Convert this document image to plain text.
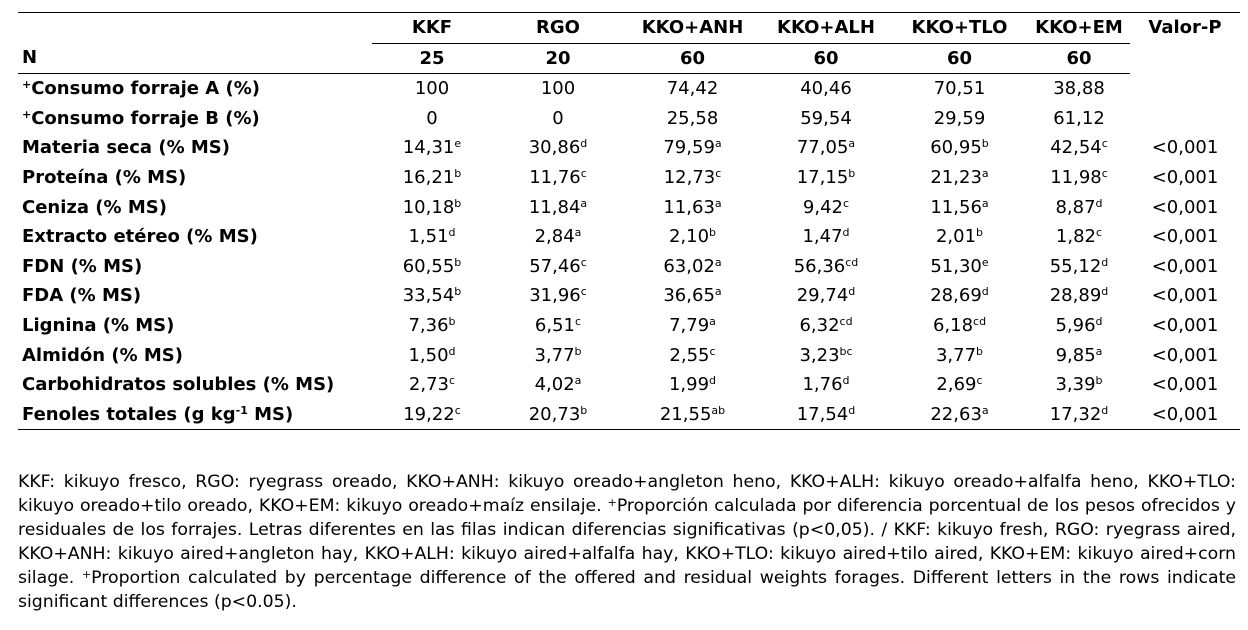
	KKF	RGO	KKO+ANH	KKO+ALH	KKO+TLO	KKO+EM	Valor-P
N	25	20	60	60	60	60	
+Consumo forraje A (%)	100	100	74,42	40,46	70,51	38,88	
+Consumo forraje B (%)	0	0	25,58	59,54	29,59	61,12	
Materia seca (% MS)	14,31e	30,86$^d$	79,59$^a$	77,05$^a$	60,95$^b$	42,54$^c$	<0,001
Proteína (% MS)	16,21$^b$	11,76$^c$	12,73$^c$	17,15$^b$	21,23$^a$	11,98$^c$	<0,001
Ceniza (% MS)	10,18$^b$	11,84$^a$	11,63$^a$	9,42$^c$	11,56$^a$	8,87$^d$	<0,001
Extracto etéreo (% MS)	1,51$^d$	2,84$^a$	2,10$^b$	1,47$^d$	2,01$^b$	1,82$^c$	<0,001
FDN (% MS)	60,55$^b$	57,46$^c$	63,02$^a$	56,36$^{cd}$	51,30e	55,12$^d$	<0,001
FDA (% MS)	33,54$^b$	31,96$^c$	36,65$^a$	29,74$^d$	28,69$^d$	28,89$^d$	<0,001
Lignina (% MS)	7,36$^b$	6,51$^c$	7,79$^a$	6,32$^{cd}$	6,18$^{cd}$	5,96$^d$	<0,001
Almidón (% MS)	1,50$^d$	3,77$^b$	2,55$^c$	3,23$^{bc}$	3,77$^b$	9,85$^a$	<0,001
Carbohidratos solubles (% MS)	2,73$^c$	4,02$^a$	1,99$^d$	1,76$^d$	2,69$^c$	3,39$^b$	<0,001
Fenoles totales (g $kg^{-1}$ MS)	19,22$^c$	20,73$^b$	21,55$^{ab}$	17,54$^d$	22,63$^a$	17,32$^d$	<0,001
KKF: kikuyo fresco, RGO: ryegrass oreado, KKO+ANH: kikuyo oreado+angleton heno, KKO+ALH: kikuyo oreado+alfalfa heno, KKO+TLO: kikuyo oreado+tilo oreado, KKO+EM: kikuyo oreado+maíz ensilaje. +Proporción calculada por diferencia porcentual de los pesos ofrecidos y residuales de los forrajes. Letras diferentes en las filas indican diferencias significativas (p<0,05). / KKF: kikuyo fresh, RGO: ryegrass aired, KKO+ANH: kikuyo aired+angleton hay, KKO+ALH: kikuyo aired+alfalfa hay, KKO+TLO: kikuyo aired+tilo aired, KKO+EM: kikuyo aired+corn silage. +Proportion calculated by percentage difference of the offered and residual weights forages. Different letters in the rows indicate significant differences (p<0.05).
